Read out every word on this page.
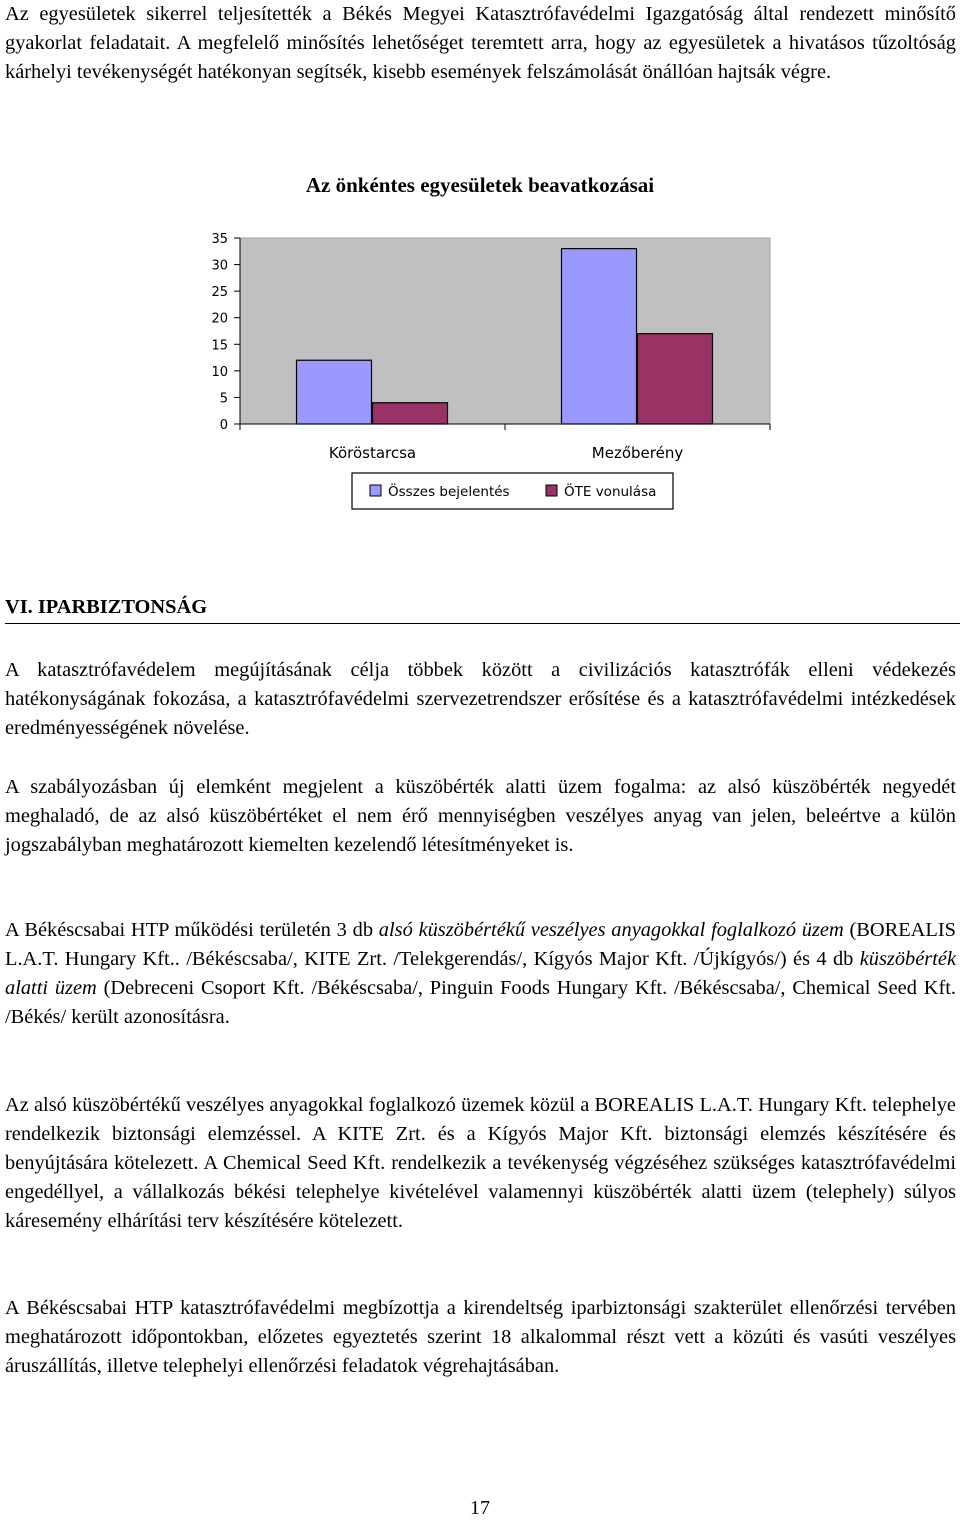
Az egyesületek sikerrel teljesítették a Békés Megyei Katasztrófavédelmi Igazgatóság által rendezett minősítő gyakorlat feladatait. A megfelelő minősítés lehetőséget teremtett arra, hogy az egyesületek a hivatásos tűzoltóság kárhelyi tevékenységét hatékonyan segítsék, kisebb események felszámolását önállóan hajtsák végre.

Az önkéntes egyesületek beavatkozásai
0
5
10
15
20
25
30
35
Köröstarcsa	Mezőberény
Összes bejelentés	ÖTE vonulása
VI. IPARBIZTONSÁG

A katasztrófavédelem megújításának célja többek között a civilizációs katasztrófák elleni védekezés hatékonyságának fokozása, a katasztrófavédelmi szervezetrendszer erősítése és a katasztrófavédelmi intézkedések eredményességének növelése.

A szabályozásban új elemként megjelent a küszöbérték alatti üzem fogalma: az alsó küszöbérték negyedét meghaladó, de az alsó küszöbértéket el nem érő mennyiségben veszélyes anyag van jelen, beleértve a külön jogszabályban meghatározott kiemelten kezelendő létesítményeket is.

A Békéscsabai HTP működési területén 3 db alsó küszöbértékű veszélyes anyagokkal foglalkozó üzem (BOREALIS L.A.T. Hungary Kft.. /Békéscsaba/, KITE Zrt. /Telekgerendás/, Kígyós Major Kft. /Újkígyós/) és 4 db küszöbérték alatti üzem (Debreceni Csoport Kft. /Békéscsaba/, Pinguin Foods Hungary Kft. /Békéscsaba/, Chemical Seed Kft. /Békés/ került azonosításra.

Az alsó küszöbértékű veszélyes anyagokkal foglalkozó üzemek közül a BOREALIS L.A.T. Hungary Kft. telephelye rendelkezik biztonsági elemzéssel. A KITE Zrt. és a Kígyós Major Kft. biztonsági elemzés készítésére és benyújtására kötelezett. A Chemical Seed Kft. rendelkezik a tevékenység végzéséhez szükséges katasztrófavédelmi engedéllyel, a vállalkozás békési telephelye kivételével valamennyi küszöbérték alatti üzem (telephely) súlyos káresemény elhárítási terv készítésére kötelezett.

A Békéscsabai HTP katasztrófavédelmi megbízottja a kirendeltség iparbiztonsági szakterület ellenőrzési tervében meghatározott időpontokban, előzetes egyeztetés szerint 18 alkalommal részt vett a közúti és vasúti veszélyes áruszállítás, illetve telephelyi ellenőrzési feladatok végrehajtásában.

17
